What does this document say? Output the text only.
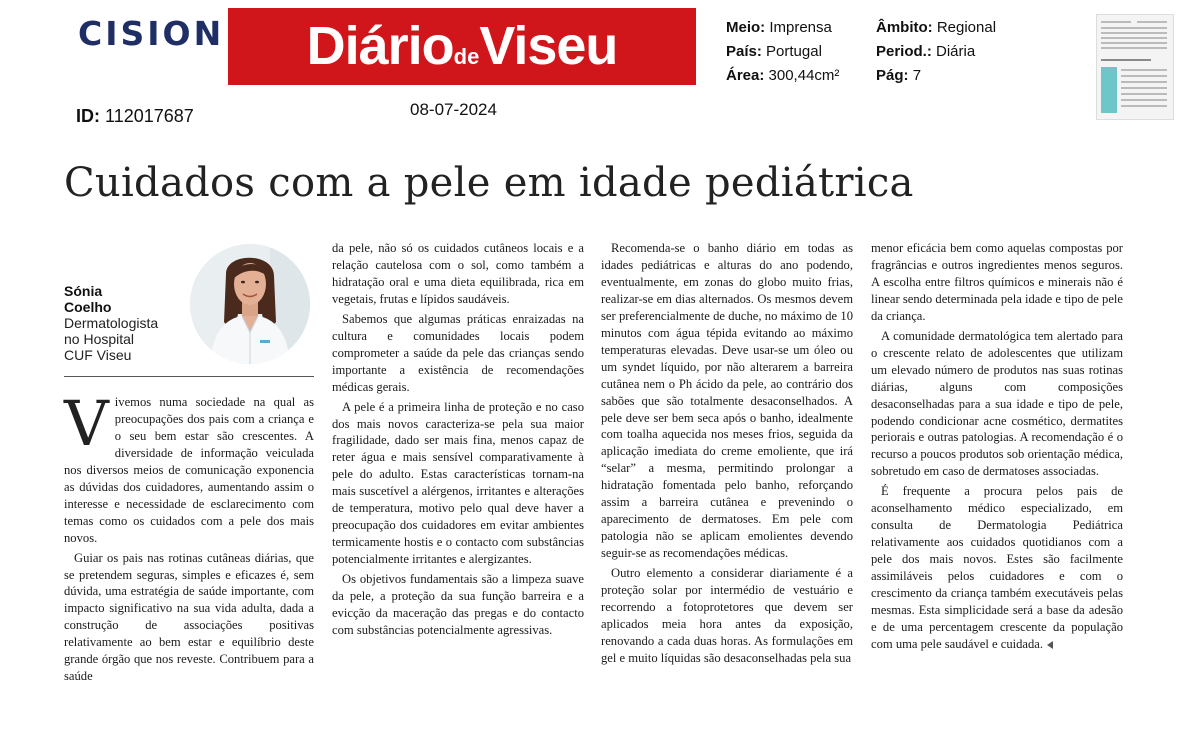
CISION	DiáriodeViseu	Meio: Imprensa
País: Portugal
Área: 300,44cm²
Âmbito: Regional
Period.: Diária
Pág: 7
ID: 112017687	08-07-2024
Cuidados com a pele em idade pediátrica
Sónia
Coelho
Dermatologista
no Hospital
CUF Viseu

Vivemos numa sociedade na qual as preocupações dos pais com a criança e o seu bem estar são crescentes. A diversidade de informação veiculada nos diversos meios de comunicação exponencia as dúvidas dos cuidadores, aumentando assim o interesse e necessidade de esclarecimento com temas como os cuidados com a pele dos mais novos.

Guiar os pais nas rotinas cutâneas diárias, que se pretendem seguras, simples e eficazes é, sem dúvida, uma estratégia de saúde importante, com impacto significativo na sua vida adulta, dada a construção de associações positivas relativamente ao bem estar e equilíbrio deste grande órgão que nos reveste. Contribuem para a saúde

da pele, não só os cuidados cutâneos locais e a relação cautelosa com o sol, como também a hidratação oral e uma dieta equilibrada, rica em vegetais, frutas e lípidos saudáveis.

Sabemos que algumas práticas enraizadas na cultura e comunidades locais podem comprometer a saúde da pele das crianças sendo importante a existência de recomendações médicas gerais.

A pele é a primeira linha de proteção e no caso dos mais novos caracteriza-se pela sua maior fragilidade, dado ser mais fina, menos capaz de reter água e mais sensível comparativamente à pele do adulto. Estas características tornam-na mais suscetível a alérgenos, irritantes e alterações de temperatura, motivo pelo qual deve haver a preocupação dos cuidadores em evitar ambientes termicamente hostis e o contacto com substâncias potencialmente irritantes e alergizantes.

Os objetivos fundamentais são a limpeza suave da pele, a proteção da sua função barreira e a evicção da maceração das pregas e do contacto com substâncias potencialmente agressivas.

Recomenda-se o banho diário em todas as idades pediátricas e alturas do ano podendo, eventualmente, em zonas do globo muito frias, realizar-se em dias alternados. Os mesmos devem ser preferencialmente de duche, no máximo de 10 minutos com água tépida evitando ao máximo temperaturas elevadas. Deve usar-se um óleo ou um syndet líquido, por não alterarem a barreira cutânea nem o Ph ácido da pele, ao contrário dos sabões que são totalmente desaconselhados. A pele deve ser bem seca após o banho, idealmente com toalha aquecida nos meses frios, seguida da aplicação imediata do creme emoliente, que irá “selar” a mesma, permitindo prolongar a hidratação fomentada pelo banho, reforçando assim a barreira cutânea e prevenindo o aparecimento de dermatoses. Em pele com patologia não se aplicam emolientes devendo seguir-se as recomendações médicas.

Outro elemento a considerar diariamente é a proteção solar por intermédio de vestuário e recorrendo a fotoprotetores que devem ser aplicados meia hora antes da exposição, renovando a cada duas horas. As formulações em gel e muito líquidas são desaconselhadas pela sua

menor eficácia bem como aquelas compostas por fragrâncias e outros ingredientes menos seguros. A escolha entre filtros químicos e minerais não é linear sendo determinada pela idade e tipo de pele da criança.

A comunidade dermatológica tem alertado para o crescente relato de adolescentes que utilizam um elevado número de produtos nas suas rotinas diárias, alguns com composições desaconselhadas para a sua idade e tipo de pele, podendo condicionar acne cosmético, dermatites periorais e outras patologias. A recomendação é o recurso a poucos produtos sob orientação médica, sobretudo em caso de dermatoses associadas.

É frequente a procura pelos pais de aconselhamento médico especializado, em consulta de Dermatologia Pediátrica relativamente aos cuidados quotidianos com a pele dos mais novos. Estes são facilmente assimiláveis pelos cuidadores e com o crescimento da criança também executáveis pelas mesmas. Esta simplicidade será a base da adesão e de uma percentagem crescente da população com uma pele saudável e cuidada.
